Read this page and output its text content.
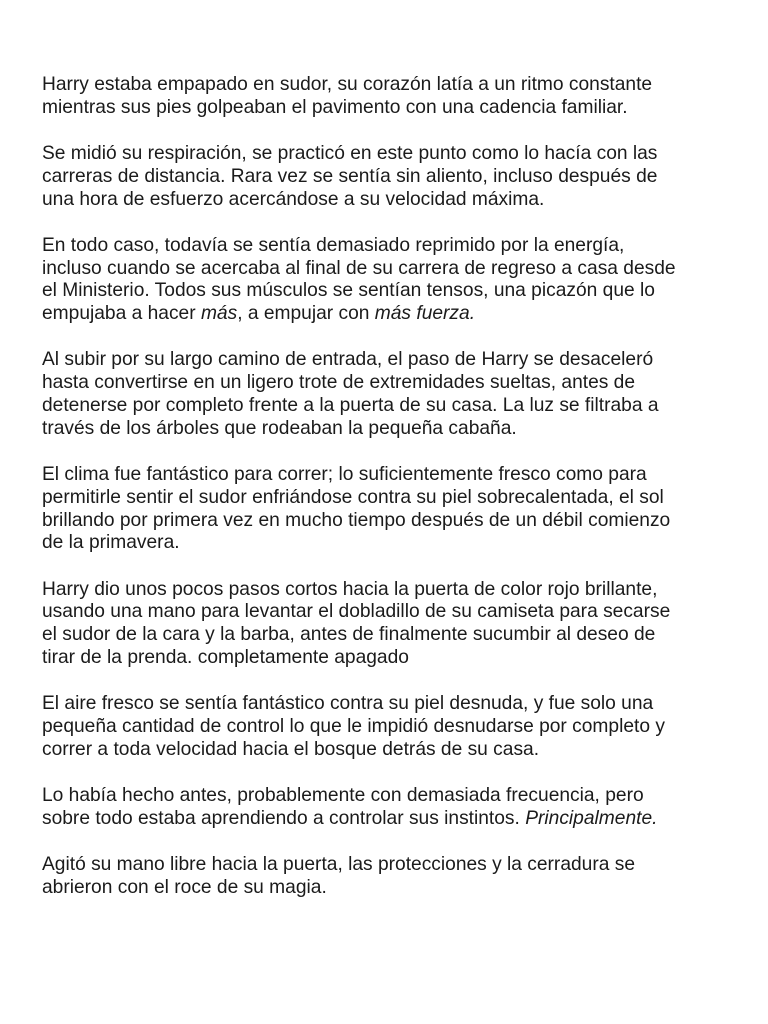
Harry estaba empapado en sudor, su corazón latía a un ritmo constante
mientras sus pies golpeaban el pavimento con una cadencia familiar.

Se midió su respiración, se practicó en este punto como lo hacía con las
carreras de distancia. Rara vez se sentía sin aliento, incluso después de
una hora de esfuerzo acercándose a su velocidad máxima.

En todo caso, todavía se sentía demasiado reprimido por la energía,
incluso cuando se acercaba al final de su carrera de regreso a casa desde
el Ministerio. Todos sus músculos se sentían tensos, una picazón que lo
empujaba a hacer más, a empujar con más fuerza.

Al subir por su largo camino de entrada, el paso de Harry se desaceleró
hasta convertirse en un ligero trote de extremidades sueltas, antes de
detenerse por completo frente a la puerta de su casa. La luz se filtraba a
través de los árboles que rodeaban la pequeña cabaña.

El clima fue fantástico para correr; lo suficientemente fresco como para
permitirle sentir el sudor enfriándose contra su piel sobrecalentada, el sol
brillando por primera vez en mucho tiempo después de un débil comienzo
de la primavera.

Harry dio unos pocos pasos cortos hacia la puerta de color rojo brillante,
usando una mano para levantar el dobladillo de su camiseta para secarse
el sudor de la cara y la barba, antes de finalmente sucumbir al deseo de
tirar de la prenda. completamente apagado

El aire fresco se sentía fantástico contra su piel desnuda, y fue solo una
pequeña cantidad de control lo que le impidió desnudarse por completo y
correr a toda velocidad hacia el bosque detrás de su casa.

Lo había hecho antes, probablemente con demasiada frecuencia, pero
sobre todo estaba aprendiendo a controlar sus instintos. Principalmente.

Agitó su mano libre hacia la puerta, las protecciones y la cerradura se
abrieron con el roce de su magia.
